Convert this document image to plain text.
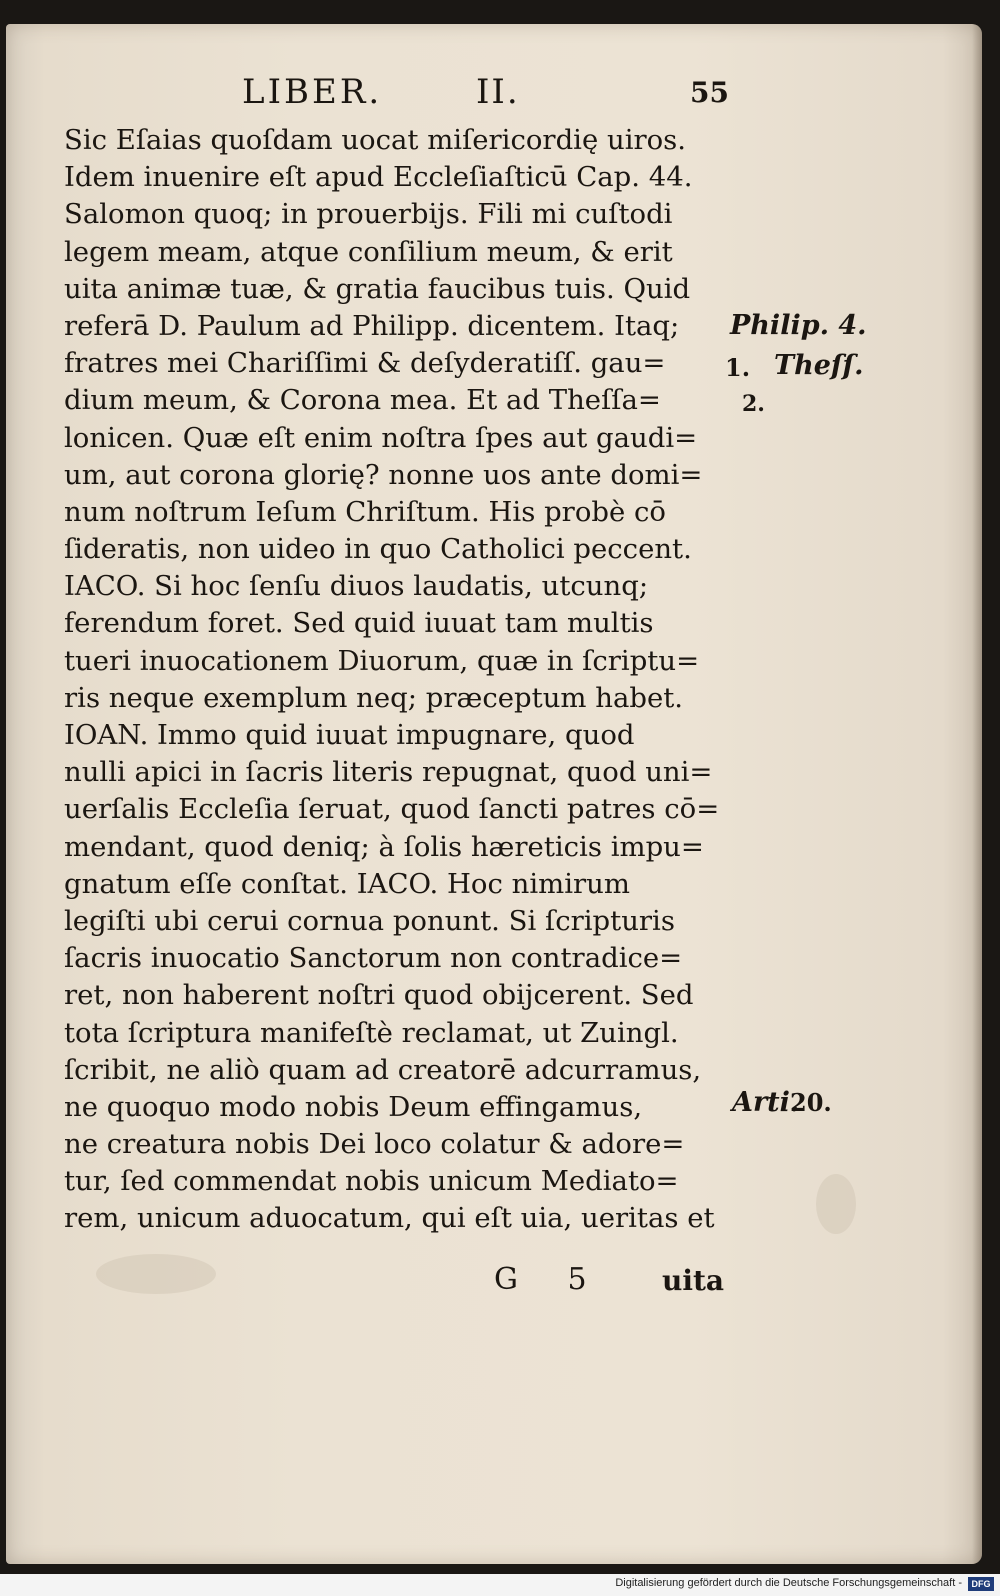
LIBER.	II.	55
Sic Eſaias quoſdam uocat miſericordię uiros.
Idem inuenire eſt apud Eccleſiaſticū Cap. 44.
Salomon quoq; in prouerbijs. Fili mi cuſtodi
legem meam, atque conſilium meum, & erit
uita animæ tuæ, & gratia faucibus tuis. Quid
referā D. Paulum ad Philipp. dicentem. Itaq;
fratres mei Chariſſimi & deſyderatiſſ. gau=
dium meum, & Corona mea. Et ad Theſſa=
lonicen. Quæ eſt enim noſtra ſpes aut gaudi=
um, aut corona glorię? nonne uos ante domi=
num noſtrum Ieſum Chriſtum. His probè cō
ſideratis, non uideo in quo Catholici peccent.
IACO. Si hoc ſenſu diuos laudatis, utcunq;
ferendum foret. Sed quid iuuat tam multis
tueri inuocationem Diuorum, quæ in ſcriptu=
ris neque exemplum neq; præceptum habet.
IOAN. Immo quid iuuat impugnare, quod
nulli apici in ſacris literis repugnat, quod uni=
uerſalis Eccleſia ſeruat, quod ſancti patres cō=
mendant, quod deniq; à ſolis hæreticis impu=
gnatum eſſe conſtat. IACO. Hoc nimirum
legiſti ubi cerui cornua ponunt. Si ſcripturis
ſacris inuocatio Sanctorum non contradice=
ret, non haberent noſtri quod obijcerent. Sed
tota ſcriptura manifeſtè reclamat, ut Zuingl.
ſcribit, ne aliò quam ad creatorē adcurramus,
ne quoquo modo nobis Deum effingamus,
ne creatura nobis Dei loco colatur & adore=
tur, ſed commendat nobis unicum Mediato=
rem, unicum aduocatum, qui eſt uia, ueritas et
Philip. 4.
Theſſ.
1.
2.
Arti.
20.
G 5 uita
Digitalisierung gefördert durch die Deutsche Forschungsgemeinschaft -	DFG
